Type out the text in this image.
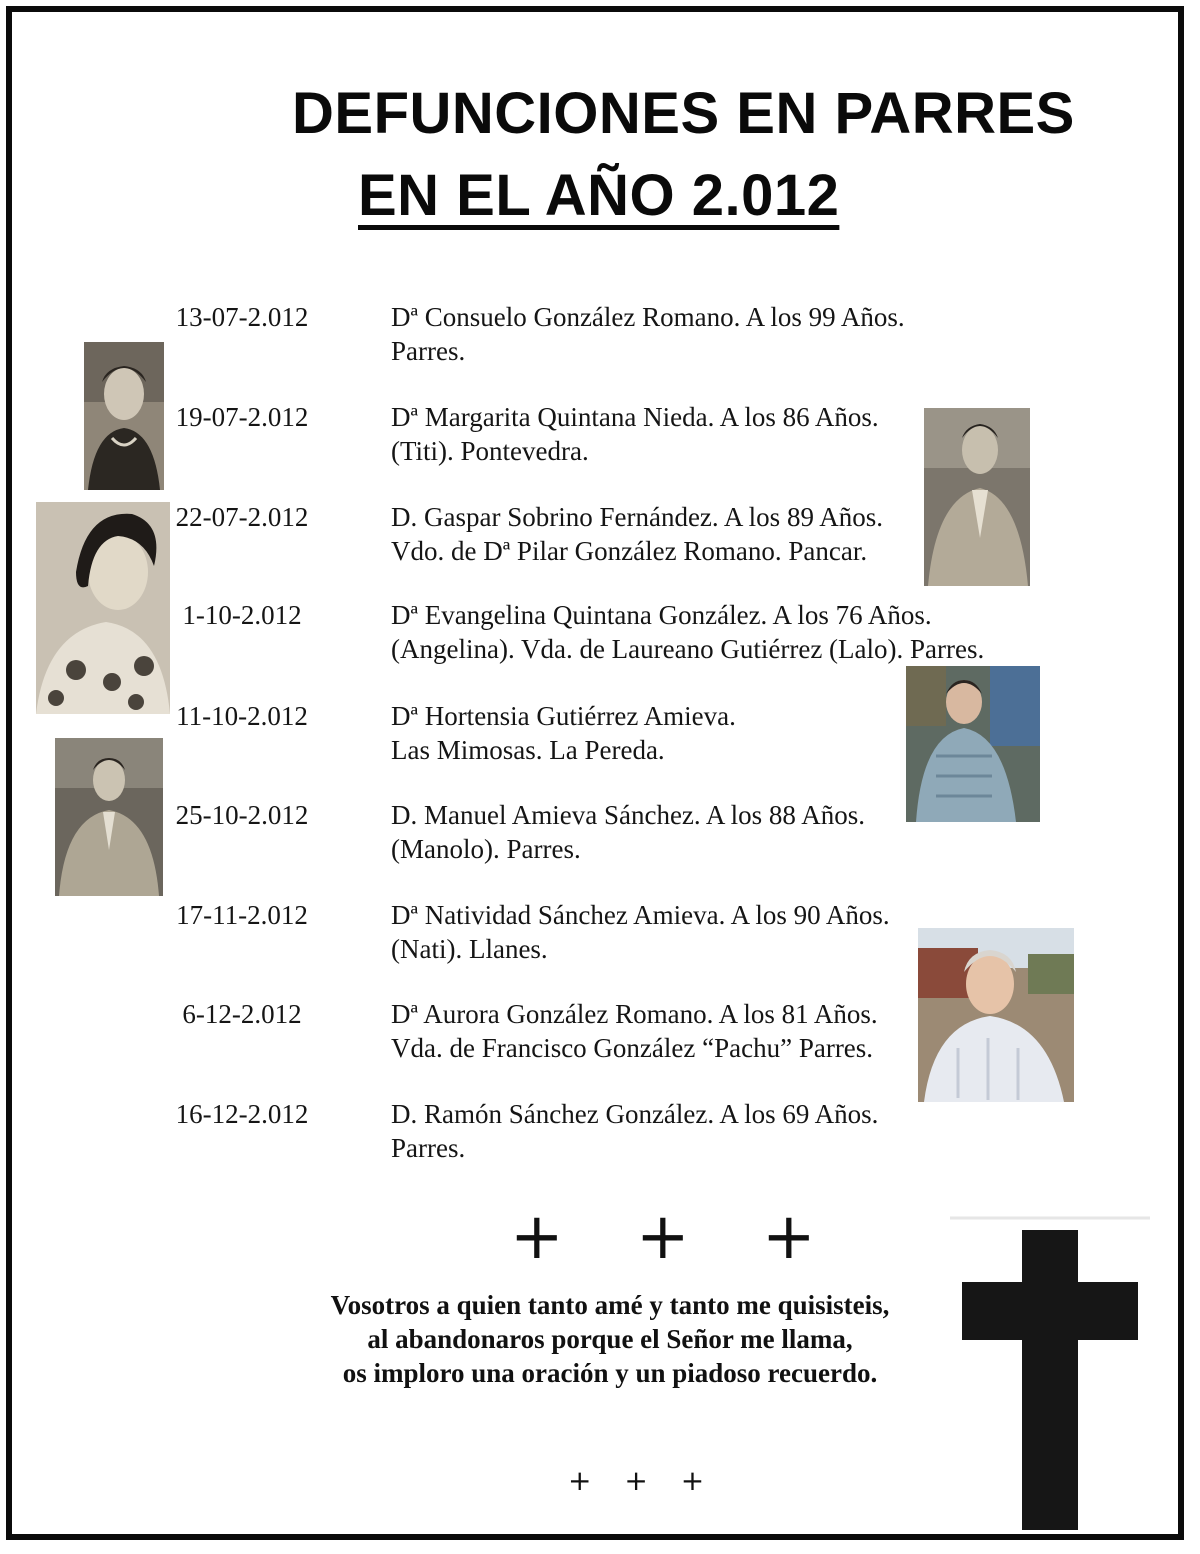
DEFUNCIONES EN PARRES
EN EL AÑO 2.012
13-07-2.012	Dª Consuelo González Romano. A los 99 Años.
Parres.
19-07-2.012	Dª Margarita Quintana Nieda. A los 86 Años.
(Titi). Pontevedra.
22-07-2.012	D. Gaspar Sobrino Fernández. A los 89 Años.
Vdo. de Dª Pilar González Romano. Pancar.
1-10-2.012	Dª Evangelina Quintana González. A los 76 Años.
(Angelina). Vda. de Laureano Gutiérrez (Lalo). Parres.
11-10-2.012	Dª Hortensia Gutiérrez Amieva.
Las Mimosas. La Pereda.
25-10-2.012	D. Manuel Amieva Sánchez. A los 88 Años.
(Manolo). Parres.
17-11-2.012	Dª Natividad Sánchez Amieva. A los 90 Años.
(Nati). Llanes.
6-12-2.012	Dª Aurora González Romano. A los 81 Años.
Vda. de Francisco González “Pachu” Parres.
16-12-2.012	D. Ramón Sánchez González. A los 69 Años.
Parres.
+ + +
Vosotros a quien tanto amé y tanto me quisisteis,
al abandonaros porque el Señor me llama,
os imploro una oración y un piadoso recuerdo.
+ + +
